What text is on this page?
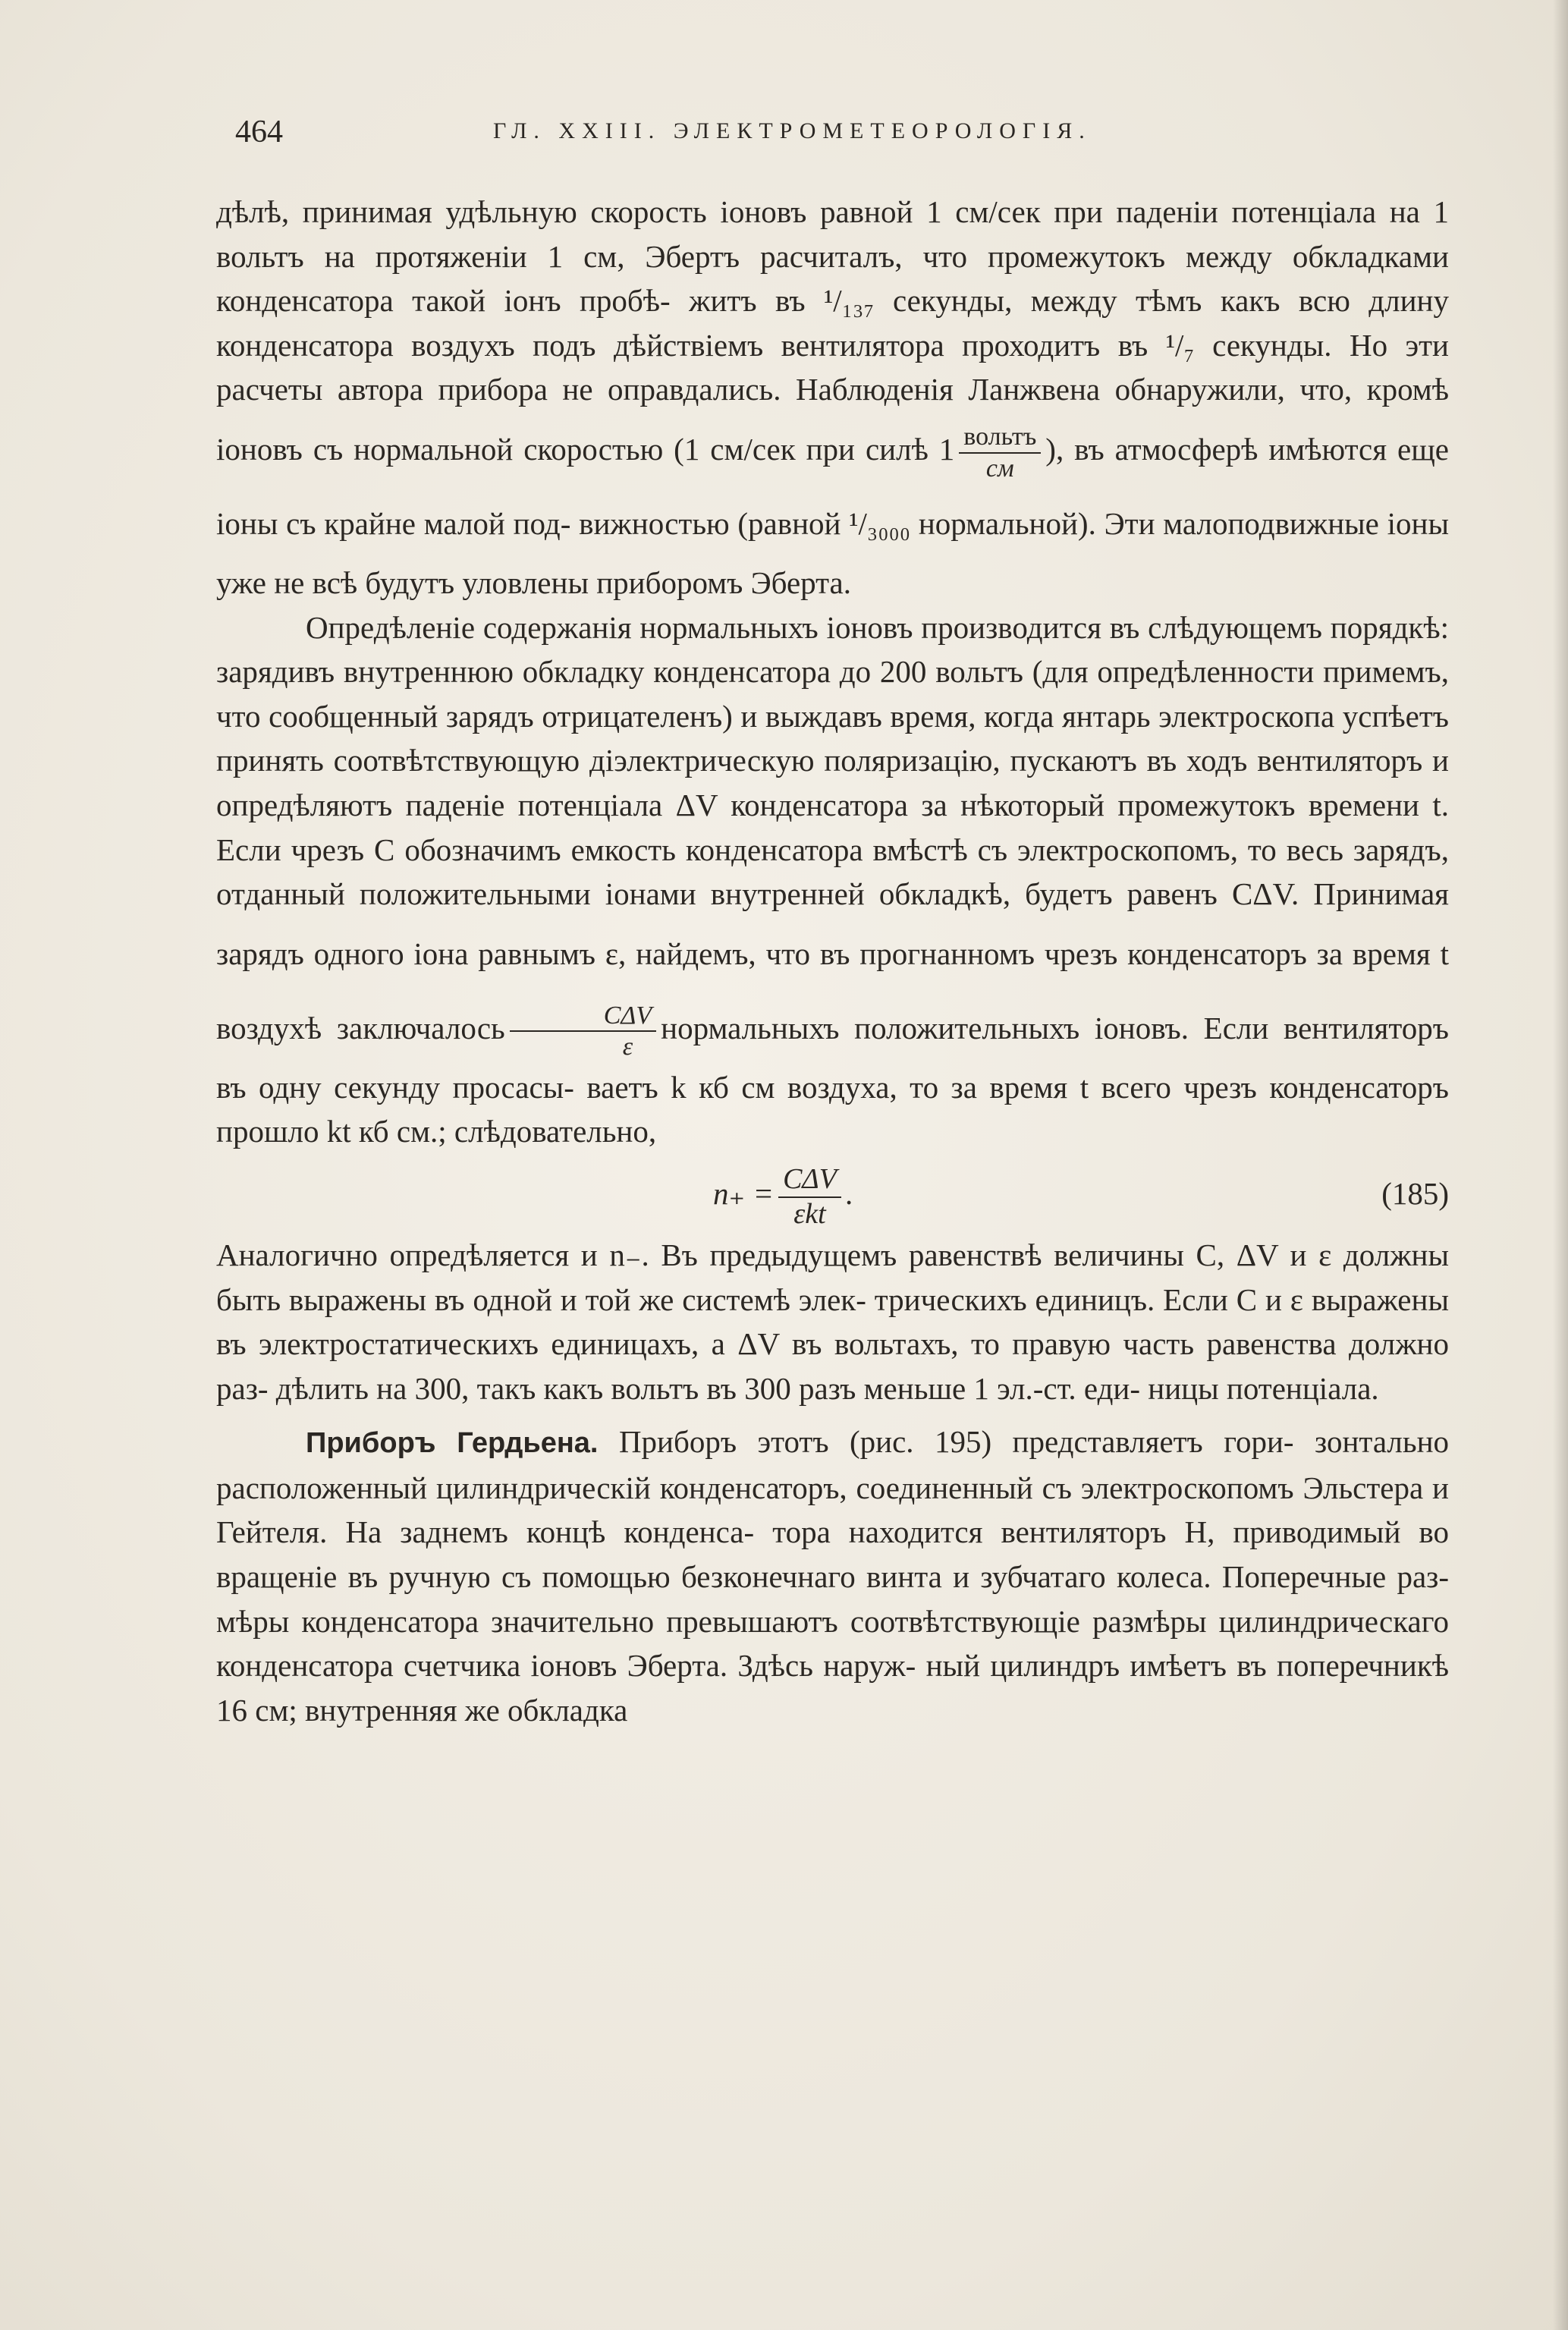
464	ГЛ. XXIII. ЭЛЕКТРОМЕТЕОРОЛОГІЯ.

дѣлѣ, принимая удѣльную скорость іоновъ равной 1 см/сек при паденіи потенціала на 1 вольтъ на протяженіи 1 см, Эбертъ расчиталъ, что промежутокъ между обкладками конденсатора такой іонъ пробѣ- житъ въ ¹/₁₃₇ секунды, между тѣмъ какъ всю длину конденсатора воздухъ подъ дѣйствіемъ вентилятора проходитъ въ ¹/₇ секунды. Но эти расчеты автора прибора не оправдались. Наблюденія Ланжвена обнаружили, что, кромѣ іоновъ съ нормальной скоростью (1 см/сек при силѣ $1 \frac{\text{вольтъ}}{см}$ ), въ атмосферѣ имѣются еще іоны съ крайне малой под- вижностью (равной ¹/₃₀₀₀ нормальной). Эти малоподвижные іоны уже не всѣ будутъ уловлены приборомъ Эберта.

Опредѣленіе содержанія нормальныхъ іоновъ производится въ слѣдующемъ порядкѣ: зарядивъ внутреннюю обкладку конденсатора до 200 вольтъ (для опредѣленности примемъ, что сообщенный зарядъ отрицателенъ) и выждавъ время, когда янтарь электроскопа успѣетъ принять соотвѣтствующую діэлектрическую поляризацію, пускаютъ въ ходъ вентиляторъ и опредѣляютъ паденіе потенціала ΔV конденсатора за нѣкоторый промежутокъ времени t. Если чрезъ C обозначимъ емкость конденсатора вмѣстѣ съ электроскопомъ, то весь зарядъ, отданный положительными іонами внутренней обкладкѣ, будетъ равенъ CΔV. Принимая зарядъ одного іона равнымъ ε, найдемъ, что въ прогнанномъ чрезъ конденсаторъ за время t воздухѣ заключалось $\frac{\text{CΔV}}{\varepsilon}$ нормальныхъ положительныхъ іоновъ. Если вентиляторъ въ одну секунду просасы- ваетъ k кб см воздуха, то за время t всего чрезъ конденсаторъ прошло kt кб см.; слѣдовательно,

$n_+ = \frac{\text{CΔV}}{\text{εkt}}$ .	(185)

Аналогично опредѣляется и n₋. Въ предыдущемъ равенствѣ величины C, ΔV и ε должны быть выражены въ одной и той же системѣ элек- трическихъ единицъ. Если C и ε выражены въ электростатическихъ единицахъ, а ΔV въ вольтахъ, то правую часть равенства должно раз- дѣлить на 300, такъ какъ вольтъ въ 300 разъ меньше 1 эл.-ст. еди- ницы потенціала.

Приборъ Гердьена. Приборъ этотъ (рис. 195) представляетъ гори- зонтально расположенный цилиндрическій конденсаторъ, соединенный съ электроскопомъ Эльстера и Гейтеля. На заднемъ концѣ конденса- тора находится вентиляторъ H, приводимый во вращеніе въ ручную съ помощью безконечнаго винта и зубчатаго колеса. Поперечные раз- мѣры конденсатора значительно превышаютъ соотвѣтствующіе размѣры цилиндрическаго конденсатора счетчика іоновъ Эберта. Здѣсь наруж- ный цилиндръ имѣетъ въ поперечникѣ 16 см; внутренняя же обкладка
